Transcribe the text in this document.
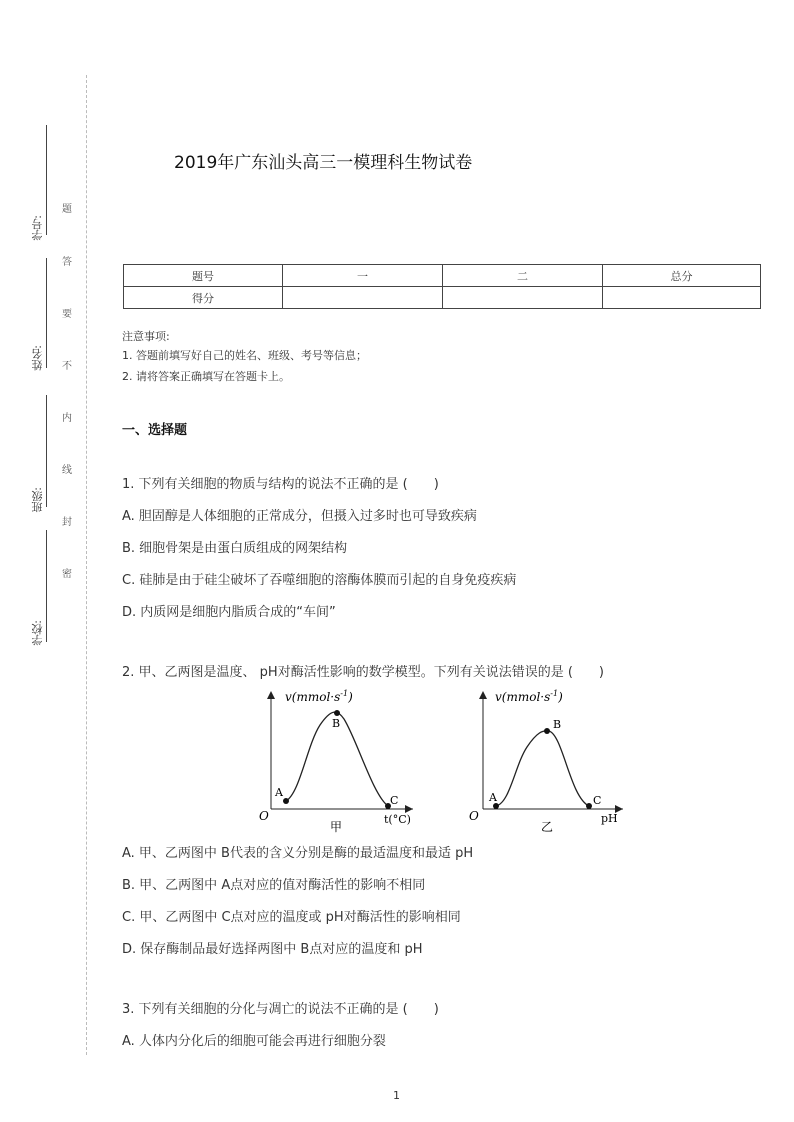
学号:
姓名:
班级:
学校:
题
答
要
不
内
线
封
密
2019年广东汕头高三一模理科生物试卷
题号	一	二	总分
得分			
注意事项:
1. 答题前填写好自己的姓名、班级、考号等信息；
2. 请将答案正确填写在答题卡上。
一、选择题
1. 下列有关细胞的物质与结构的说法不正确的是 (　　)
A. 胆固醇是人体细胞的正常成分，但摄入过多时也可导致疾病
B. 细胞骨架是由蛋白质组成的网架结构
C. 硅肺是由于硅尘破坏了吞噬细胞的溶酶体膜而引起的自身免疫疾病
D. 内质网是细胞内脂质合成的“车间”
2. 甲、乙两图是温度、 pH对酶活性影响的数学模型。下列有关说法错误的是 (　　)
$v(mmol\cdot s^{-1})$
O
A
B
C
t(°C)
甲
$v(mmol\cdot s^{-1})$
O
A
B
C
pH
乙
A. 甲、乙两图中 B代表的含义分别是酶的最适温度和最适 pH
B. 甲、乙两图中 A点对应的值对酶活性的影响不相同
C. 甲、乙两图中 C点对应的温度或 pH对酶活性的影响相同
D. 保存酶制品最好选择两图中 B点对应的温度和 pH
3. 下列有关细胞的分化与凋亡的说法不正确的是 (　　)
A. 人体内分化后的细胞可能会再进行细胞分裂
1
